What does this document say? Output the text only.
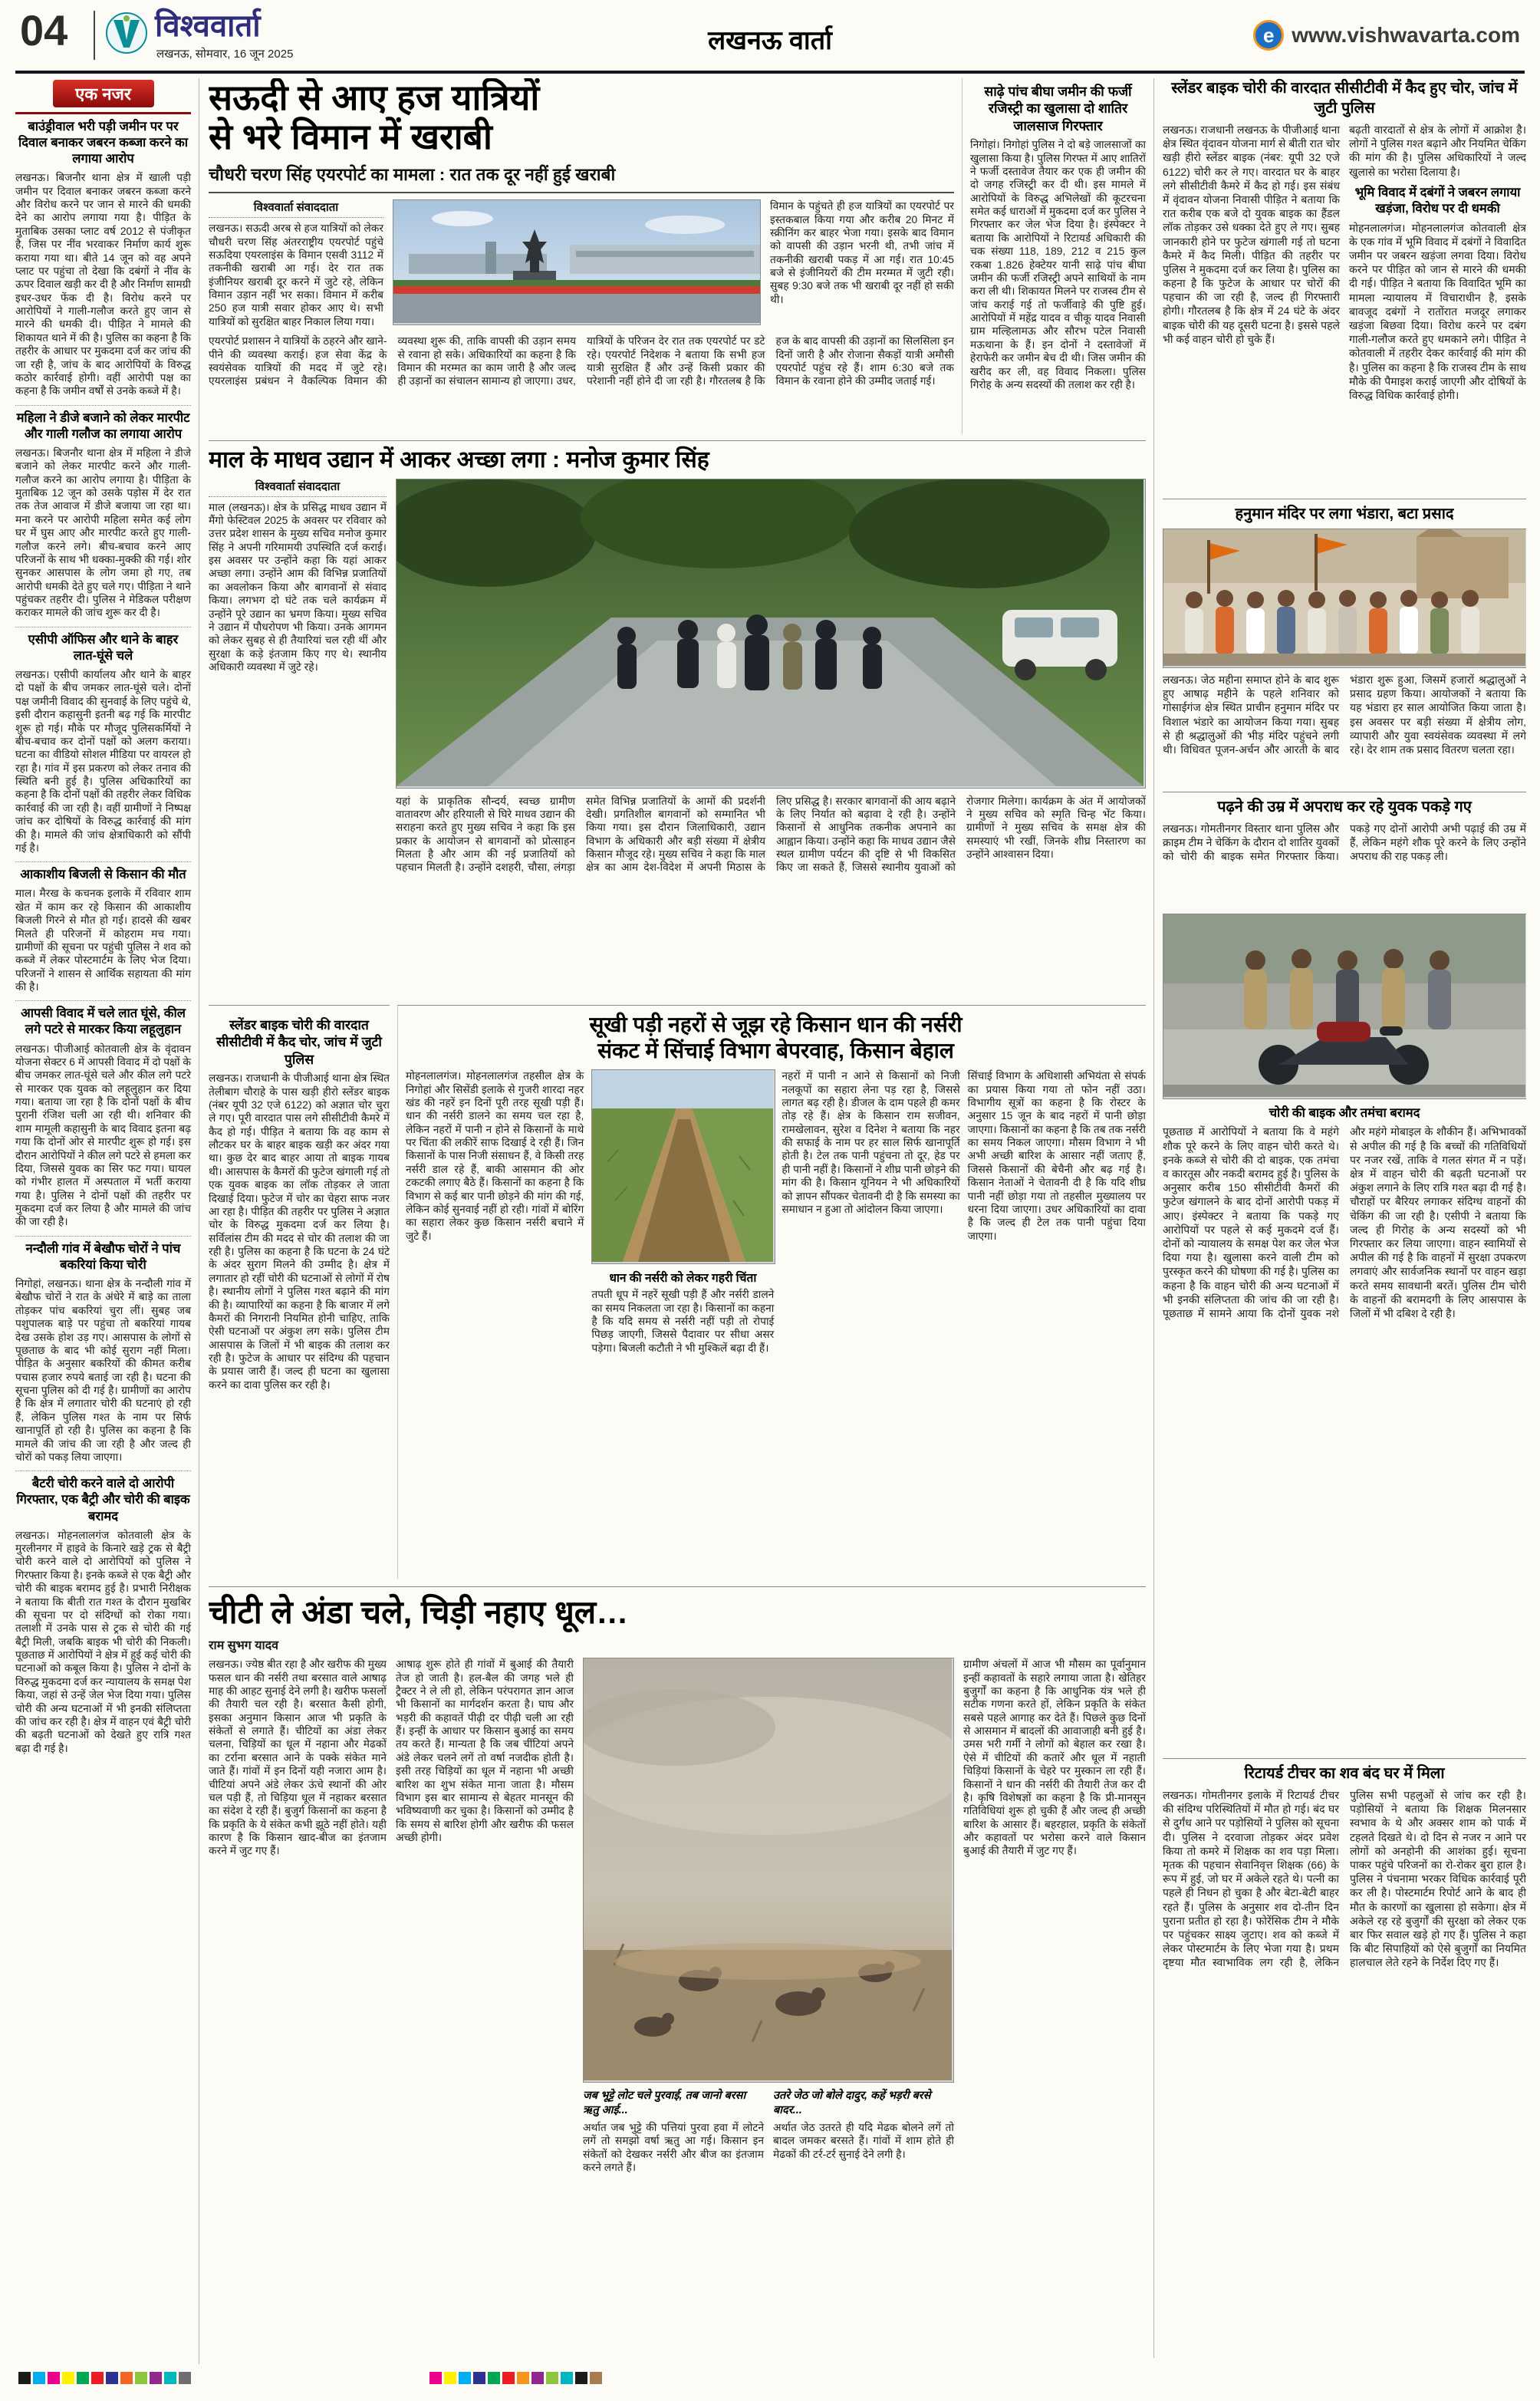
04	विश्ववार्ता
लखनऊ, सोमवार, 16 जून 2025	लखनऊ वार्ता	e www.vishwavarta.com
एक नजर
बाउंड्रीवाल भरी पड़ी जमीन पर पर दिवाल बनाकर जबरन कब्जा करने का लगाया आरोप

लखनऊ। बिजनौर थाना क्षेत्र में खाली पड़ी जमीन पर दिवाल बनाकर जबरन कब्जा करने और विरोध करने पर जान से मारने की धमकी देने का आरोप लगाया गया है। पीड़ित के मुताबिक उसका प्लाट वर्ष 2012 से पंजीकृत है, जिस पर नींव भरवाकर निर्माण कार्य शुरू कराया गया था। बीते 14 जून को वह अपने प्लाट पर पहुंचा तो देखा कि दबंगों ने नींव के ऊपर दिवाल खड़ी कर दी है और निर्माण सामग्री इधर-उधर फेंक दी है। विरोध करने पर आरोपियों ने गाली-गलौज करते हुए जान से मारने की धमकी दी। पीड़ित ने मामले की शिकायत थाने में की है। पुलिस का कहना है कि तहरीर के आधार पर मुकदमा दर्ज कर जांच की जा रही है, जांच के बाद आरोपियों के विरुद्ध कठोर कार्रवाई होगी। वहीं आरोपी पक्ष का कहना है कि जमीन वर्षों से उनके कब्जे में है।

महिला ने डीजे बजाने को लेकर मारपीट और गाली गलौज का लगाया आरोप

लखनऊ। बिजनौर थाना क्षेत्र में महिला ने डीजे बजाने को लेकर मारपीट करने और गाली-गलौज करने का आरोप लगाया है। पीड़िता के मुताबिक 12 जून को उसके पड़ोस में देर रात तक तेज आवाज में डीजे बजाया जा रहा था। मना करने पर आरोपी महिला समेत कई लोग घर में घुस आए और मारपीट करते हुए गाली-गलौज करने लगे। बीच-बचाव करने आए परिजनों के साथ भी धक्का-मुक्की की गई। शोर सुनकर आसपास के लोग जमा हो गए, तब आरोपी धमकी देते हुए चले गए। पीड़िता ने थाने पहुंचकर तहरीर दी। पुलिस ने मेडिकल परीक्षण कराकर मामले की जांच शुरू कर दी है।

एसीपी ऑफिस और थाने के बाहर लात-घूंसे चले

लखनऊ। एसीपी कार्यालय और थाने के बाहर दो पक्षों के बीच जमकर लात-घूंसे चले। दोनों पक्ष जमीनी विवाद की सुनवाई के लिए पहुंचे थे, इसी दौरान कहासुनी इतनी बढ़ गई कि मारपीट शुरू हो गई। मौके पर मौजूद पुलिसकर्मियों ने बीच-बचाव कर दोनों पक्षों को अलग कराया। घटना का वीडियो सोशल मीडिया पर वायरल हो रहा है। गांव में इस प्रकरण को लेकर तनाव की स्थिति बनी हुई है। पुलिस अधिकारियों का कहना है कि दोनों पक्षों की तहरीर लेकर विधिक कार्रवाई की जा रही है। वहीं ग्रामीणों ने निष्पक्ष जांच कर दोषियों के विरुद्ध कार्रवाई की मांग की है। मामले की जांच क्षेत्राधिकारी को सौंपी गई है।

आकाशीय बिजली से किसान की मौत

माल। मैरख के कचनक इलाके में रविवार शाम खेत में काम कर रहे किसान की आकाशीय बिजली गिरने से मौत हो गई। हादसे की खबर मिलते ही परिजनों में कोहराम मच गया। ग्रामीणों की सूचना पर पहुंची पुलिस ने शव को कब्जे में लेकर पोस्टमार्टम के लिए भेज दिया। परिजनों ने शासन से आर्थिक सहायता की मांग की है।

आपसी विवाद में चले लात घूंसे, कील लगे पटरे से मारकर किया लहूलुहान

लखनऊ। पीजीआई कोतवाली क्षेत्र के वृंदावन योजना सेक्टर 6 में आपसी विवाद में दो पक्षों के बीच जमकर लात-घूंसे चले और कील लगे पटरे से मारकर एक युवक को लहूलुहान कर दिया गया। बताया जा रहा है कि दोनों पक्षों के बीच पुरानी रंजिश चली आ रही थी। शनिवार की शाम मामूली कहासुनी के बाद विवाद इतना बढ़ गया कि दोनों ओर से मारपीट शुरू हो गई। इस दौरान आरोपियों ने कील लगे पटरे से हमला कर दिया, जिससे युवक का सिर फट गया। घायल को गंभीर हालत में अस्पताल में भर्ती कराया गया है। पुलिस ने दोनों पक्षों की तहरीर पर मुकदमा दर्ज कर लिया है और मामले की जांच की जा रही है।

नन्दौली गांव में बेखौफ चोरों ने पांच बकरियां किया चोरी

निगोहां, लखनऊ। थाना क्षेत्र के नन्दौली गांव में बेखौफ चोरों ने रात के अंधेरे में बाड़े का ताला तोड़कर पांच बकरियां चुरा लीं। सुबह जब पशुपालक बाड़े पर पहुंचा तो बकरियां गायब देख उसके होश उड़ गए। आसपास के लोगों से पूछताछ के बाद भी कोई सुराग नहीं मिला। पीड़ित के अनुसार बकरियों की कीमत करीब पचास हजार रुपये बताई जा रही है। घटना की सूचना पुलिस को दी गई है। ग्रामीणों का आरोप है कि क्षेत्र में लगातार चोरी की घटनाएं हो रही हैं, लेकिन पुलिस गश्त के नाम पर सिर्फ खानापूर्ति हो रही है। पुलिस का कहना है कि मामले की जांच की जा रही है और जल्द ही चोरों को पकड़ लिया जाएगा।

बैटरी चोरी करने वाले दो आरोपी गिरफ्तार, एक बैट्री और चोरी की बाइक बरामद

लखनऊ। मोहनलालगंज कोतवाली क्षेत्र के मुरलीनगर में हाइवे के किनारे खड़े ट्रक से बैट्री चोरी करने वाले दो आरोपियों को पुलिस ने गिरफ्तार किया है। इनके कब्जे से एक बैट्री और चोरी की बाइक बरामद हुई है। प्रभारी निरीक्षक ने बताया कि बीती रात गश्त के दौरान मुखबिर की सूचना पर दो संदिग्धों को रोका गया। तलाशी में उनके पास से ट्रक से चोरी की गई बैट्री मिली, जबकि बाइक भी चोरी की निकली। पूछताछ में आरोपियों ने क्षेत्र में हुई कई चोरी की घटनाओं को कबूल किया है। पुलिस ने दोनों के विरुद्ध मुकदमा दर्ज कर न्यायालय के समक्ष पेश किया, जहां से उन्हें जेल भेज दिया गया। पुलिस चोरी की अन्य घटनाओं में भी इनकी संलिप्तता की जांच कर रही है। क्षेत्र में वाहन एवं बैट्री चोरी की बढ़ती घटनाओं को देखते हुए रात्रि गश्त बढ़ा दी गई है।

सऊदी से आए हज यात्रियों
से भरे विमान में खराबी
चौधरी चरण सिंह एयरपोर्ट का मामला : रात तक दूर नहीं हुई खराबी
विश्ववार्ता संवाददाता

लखनऊ। सऊदी अरब से हज यात्रियों को लेकर चौधरी चरण सिंह अंतरराष्ट्रीय एयरपोर्ट पहुंचे सऊदिया एयरलाइंस के विमान एसवी 3112 में तकनीकी खराबी आ गई। देर रात तक इंजीनियर खराबी दूर करने में जुटे रहे, लेकिन विमान उड़ान नहीं भर सका। विमान में करीब 250 हज यात्री सवार होकर आए थे। सभी यात्रियों को सुरक्षित बाहर निकाल लिया गया।

विमान के पहुंचते ही हज यात्रियों का एयरपोर्ट पर इस्तकबाल किया गया और करीब 20 मिनट में स्क्रीनिंग कर बाहर भेजा गया। इसके बाद विमान को वापसी की उड़ान भरनी थी, तभी जांच में तकनीकी खराबी पकड़ में आ गई। रात 10:45 बजे से इंजीनियरों की टीम मरम्मत में जुटी रही। सुबह 9:30 बजे तक भी खराबी दूर नहीं हो सकी थी।

एयरपोर्ट प्रशासन ने यात्रियों के ठहरने और खाने-पीने की व्यवस्था कराई। हज सेवा केंद्र के स्वयंसेवक यात्रियों की मदद में जुटे रहे। एयरलाइंस प्रबंधन ने वैकल्पिक विमान की व्यवस्था शुरू की, ताकि वापसी की उड़ान समय से रवाना हो सके। अधिकारियों का कहना है कि विमान की मरम्मत का काम जारी है और जल्द ही उड़ानों का संचालन सामान्य हो जाएगा। उधर, यात्रियों के परिजन देर रात तक एयरपोर्ट पर डटे रहे। एयरपोर्ट निदेशक ने बताया कि सभी हज यात्री सुरक्षित हैं और उन्हें किसी प्रकार की परेशानी नहीं होने दी जा रही है। गौरतलब है कि हज के बाद वापसी की उड़ानों का सिलसिला इन दिनों जारी है और रोजाना सैकड़ों यात्री अमौसी एयरपोर्ट पहुंच रहे हैं। शाम 6:30 बजे तक विमान के रवाना होने की उम्मीद जताई गई।

साढ़े पांच बीघा जमीन की फर्जी रजिस्ट्री का खुलासा दो शातिर जालसाज गिरफ्तार

निगोहां। निगोहां पुलिस ने दो बड़े जालसाजों का खुलासा किया है। पुलिस गिरफ्त में आए शातिरों ने फर्जी दस्तावेज तैयार कर एक ही जमीन की दो जगह रजिस्ट्री कर दी थी। इस मामले में आरोपियों के विरुद्ध अभिलेखों की कूटरचना समेत कई धाराओं में मुकदमा दर्ज कर पुलिस ने गिरफ्तार कर जेल भेज दिया है। इंस्पेक्टर ने बताया कि आरोपियों ने रिटायर्ड अधिकारी की चक संख्या 118, 189, 212 व 215 कुल रकबा 1.826 हेक्टेयर यानी साढ़े पांच बीघा जमीन की फर्जी रजिस्ट्री अपने साथियों के नाम करा ली थी। शिकायत मिलने पर राजस्व टीम से जांच कराई गई तो फर्जीवाड़े की पुष्टि हुई। आरोपियों में महेंद्र यादव व चीकू यादव निवासी ग्राम मल्हिलामऊ और सौरभ पटेल निवासी मऊथाना के हैं। इन दोनों ने दस्तावेजों में हेराफेरी कर जमीन बेच दी थी। जिस जमीन की खरीद कर ली, वह विवाद निकला। पुलिस गिरोह के अन्य सदस्यों की तलाश कर रही है।

माल के माधव उद्यान में आकर अच्छा लगा : मनोज कुमार सिंह
विश्ववार्ता संवाददाता

माल (लखनऊ)। क्षेत्र के प्रसिद्ध माधव उद्यान में मैंगो फेस्टिवल 2025 के अवसर पर रविवार को उत्तर प्रदेश शासन के मुख्य सचिव मनोज कुमार सिंह ने अपनी गरिमामयी उपस्थिति दर्ज कराई। इस अवसर पर उन्होंने कहा कि यहां आकर अच्छा लगा। उन्होंने आम की विभिन्न प्रजातियों का अवलोकन किया और बागवानों से संवाद किया। लगभग दो घंटे तक चले कार्यक्रम में उन्होंने पूरे उद्यान का भ्रमण किया। मुख्य सचिव ने उद्यान में पौधरोपण भी किया। उनके आगमन को लेकर सुबह से ही तैयारियां चल रही थीं और सुरक्षा के कड़े इंतजाम किए गए थे। स्थानीय अधिकारी व्यवस्था में जुटे रहे।

यहां के प्राकृतिक सौन्दर्य, स्वच्छ ग्रामीण वातावरण और हरियाली से घिरे माधव उद्यान की सराहना करते हुए मुख्य सचिव ने कहा कि इस प्रकार के आयोजन से बागवानों को प्रोत्साहन मिलता है और आम की नई प्रजातियों को पहचान मिलती है। उन्होंने दशहरी, चौसा, लंगड़ा समेत विभिन्न प्रजातियों के आमों की प्रदर्शनी देखी। प्रगतिशील बागवानों को सम्मानित भी किया गया। इस दौरान जिलाधिकारी, उद्यान विभाग के अधिकारी और बड़ी संख्या में क्षेत्रीय किसान मौजूद रहे। मुख्य सचिव ने कहा कि माल क्षेत्र का आम देश-विदेश में अपनी मिठास के लिए प्रसिद्ध है। सरकार बागवानों की आय बढ़ाने के लिए निर्यात को बढ़ावा दे रही है। उन्होंने किसानों से आधुनिक तकनीक अपनाने का आह्वान किया। उन्होंने कहा कि माधव उद्यान जैसे स्थल ग्रामीण पर्यटन की दृष्टि से भी विकसित किए जा सकते हैं, जिससे स्थानीय युवाओं को रोजगार मिलेगा। कार्यक्रम के अंत में आयोजकों ने मुख्य सचिव को स्मृति चिन्ह भेंट किया। ग्रामीणों ने मुख्य सचिव के समक्ष क्षेत्र की समस्याएं भी रखीं, जिनके शीघ्र निस्तारण का उन्होंने आश्वासन दिया।

स्लेंडर बाइक चोरी की वारदात सीसीटीवी में कैद चोर, जांच में जुटी पुलिस

लखनऊ। राजधानी के पीजीआई थाना क्षेत्र स्थित तेलीबाग चौराहे के पास खड़ी हीरो स्लेंडर बाइक (नंबर यूपी 32 एजे 6122) को अज्ञात चोर चुरा ले गए। पूरी वारदात पास लगे सीसीटीवी कैमरे में कैद हो गई। पीड़ित ने बताया कि वह काम से लौटकर घर के बाहर बाइक खड़ी कर अंदर गया था। कुछ देर बाद बाहर आया तो बाइक गायब थी। आसपास के कैमरों की फुटेज खंगाली गई तो एक युवक बाइक का लॉक तोड़कर ले जाता दिखाई दिया। फुटेज में चोर का चेहरा साफ नजर आ रहा है। पीड़ित की तहरीर पर पुलिस ने अज्ञात चोर के विरुद्ध मुकदमा दर्ज कर लिया है। सर्विलांस टीम की मदद से चोर की तलाश की जा रही है। पुलिस का कहना है कि घटना के 24 घंटे के अंदर सुराग मिलने की उम्मीद है। क्षेत्र में लगातार हो रहीं चोरी की घटनाओं से लोगों में रोष है। स्थानीय लोगों ने पुलिस गश्त बढ़ाने की मांग की है। व्यापारियों का कहना है कि बाजार में लगे कैमरों की निगरानी नियमित होनी चाहिए, ताकि ऐसी घटनाओं पर अंकुश लग सके। पुलिस टीम आसपास के जिलों में भी बाइक की तलाश कर रही है। फुटेज के आधार पर संदिग्ध की पहचान के प्रयास जारी हैं। जल्द ही घटना का खुलासा करने का दावा पुलिस कर रही है।

सूखी पड़ी नहरों से जूझ रहे किसान धान की नर्सरी
संकट में सिंचाई विभाग बेपरवाह, किसान बेहाल

मोहनलालगंज। मोहनलालगंज तहसील क्षेत्र के निगोहां और सिसेंडी इलाके से गुजरी शारदा नहर खंड की नहरें इन दिनों पूरी तरह सूखी पड़ी हैं। धान की नर्सरी डालने का समय चल रहा है, लेकिन नहरों में पानी न होने से किसानों के माथे पर चिंता की लकीरें साफ दिखाई दे रही हैं। जिन किसानों के पास निजी संसाधन हैं, वे किसी तरह नर्सरी डाल रहे हैं, बाकी आसमान की ओर टकटकी लगाए बैठे हैं। किसानों का कहना है कि विभाग से कई बार पानी छोड़ने की मांग की गई, लेकिन कोई सुनवाई नहीं हो रही। गांवों में बोरिंग का सहारा लेकर कुछ किसान नर्सरी बचाने में जुटे हैं।

धान की नर्सरी को लेकर गहरी चिंता

तपती धूप में नहरें सूखी पड़ी हैं और नर्सरी डालने का समय निकलता जा रहा है। किसानों का कहना है कि यदि समय से नर्सरी नहीं पड़ी तो रोपाई पिछड़ जाएगी, जिससे पैदावार पर सीधा असर पड़ेगा। बिजली कटौती ने भी मुश्किलें बढ़ा दी हैं।

नहरों में पानी न आने से किसानों को निजी नलकूपों का सहारा लेना पड़ रहा है, जिससे लागत बढ़ रही है। डीजल के दाम पहले ही कमर तोड़ रहे हैं। क्षेत्र के किसान राम सजीवन, रामखेलावन, सुरेश व दिनेश ने बताया कि नहर की सफाई के नाम पर हर साल सिर्फ खानापूर्ति होती है। टेल तक पानी पहुंचना तो दूर, हेड पर ही पानी नहीं है। किसानों ने शीघ्र पानी छोड़ने की मांग की है। किसान यूनियन ने भी अधिकारियों को ज्ञापन सौंपकर चेतावनी दी है कि समस्या का समाधान न हुआ तो आंदोलन किया जाएगा।

सिंचाई विभाग के अधिशासी अभियंता से संपर्क का प्रयास किया गया तो फोन नहीं उठा। विभागीय सूत्रों का कहना है कि रोस्टर के अनुसार 15 जून के बाद नहरों में पानी छोड़ा जाएगा। किसानों का कहना है कि तब तक नर्सरी का समय निकल जाएगा। मौसम विभाग ने भी अभी अच्छी बारिश के आसार नहीं जताए हैं, जिससे किसानों की बेचैनी और बढ़ गई है। किसान नेताओं ने चेतावनी दी है कि यदि शीघ्र पानी नहीं छोड़ा गया तो तहसील मुख्यालय पर धरना दिया जाएगा। उधर अधिकारियों का दावा है कि जल्द ही टेल तक पानी पहुंचा दिया जाएगा।

चीटी ले अंडा चले, चिड़ी नहाए धूल…
राम सुभग यादव

लखनऊ। ज्येष्ठ बीत रहा है और खरीफ की मुख्य फसल धान की नर्सरी तथा बरसात वाले आषाढ़ माह की आहट सुनाई देने लगी है। खरीफ फसलों की तैयारी चल रही है। बरसात कैसी होगी, इसका अनुमान किसान आज भी प्रकृति के संकेतों से लगाते हैं। चीटियों का अंडा लेकर चलना, चिड़ियों का धूल में नहाना और मेढकों का टर्राना बरसात आने के पक्के संकेत माने जाते हैं। गांवों में इन दिनों यही नजारा आम है। चीटियां अपने अंडे लेकर ऊंचे स्थानों की ओर चल पड़ी हैं, तो चिड़िया धूल में नहाकर बरसात का संदेश दे रही हैं। बुजुर्ग किसानों का कहना है कि प्रकृति के ये संकेत कभी झूठे नहीं होते। यही कारण है कि किसान खाद-बीज का इंतजाम करने में जुट गए हैं।

आषाढ़ शुरू होते ही गांवों में बुआई की तैयारी तेज हो जाती है। हल-बैल की जगह भले ही ट्रैक्टर ने ले ली हो, लेकिन परंपरागत ज्ञान आज भी किसानों का मार्गदर्शन करता है। घाघ और भड़री की कहावतें पीढ़ी दर पीढ़ी चली आ रही हैं। इन्हीं के आधार पर किसान बुआई का समय तय करते हैं। मान्यता है कि जब चींटियां अपने अंडे लेकर चलने लगें तो वर्षा नजदीक होती है। इसी तरह चिड़ियों का धूल में नहाना भी अच्छी बारिश का शुभ संकेत माना जाता है। मौसम विभाग इस बार सामान्य से बेहतर मानसून की भविष्यवाणी कर चुका है। किसानों को उम्मीद है कि समय से बारिश होगी और खरीफ की फसल अच्छी होगी।

जब भूट्टे लोट चले पुरवाई, तब जानो बरसा ऋतु आई...

अर्थात जब भुट्टे की पत्तियां पुरवा हवा में लोटने लगें तो समझो वर्षा ऋतु आ गई। किसान इन संकेतों को देखकर नर्सरी और बीज का इंतजाम करने लगते हैं।

उतरे जेठ जो बोले दादुर, कहें भड़री बरसे बादर...

अर्थात जेठ उतरते ही यदि मेढक बोलने लगें तो बादल जमकर बरसते हैं। गांवों में शाम होते ही मेढकों की टर्र-टर्र सुनाई देने लगी है।

ग्रामीण अंचलों में आज भी मौसम का पूर्वानुमान इन्हीं कहावतों के सहारे लगाया जाता है। खेतिहर बुजुर्गों का कहना है कि आधुनिक यंत्र भले ही सटीक गणना करते हों, लेकिन प्रकृति के संकेत सबसे पहले आगाह कर देते हैं। पिछले कुछ दिनों से आसमान में बादलों की आवाजाही बनी हुई है। उमस भरी गर्मी ने लोगों को बेहाल कर रखा है। ऐसे में चीटियों की कतारें और धूल में नहाती चिड़ियां किसानों के चेहरे पर मुस्कान ला रही हैं। किसानों ने धान की नर्सरी की तैयारी तेज कर दी है। कृषि विशेषज्ञों का कहना है कि प्री-मानसून गतिविधियां शुरू हो चुकी हैं और जल्द ही अच्छी बारिश के आसार हैं। बहरहाल, प्रकृति के संकेतों और कहावतों पर भरोसा करने वाले किसान बुआई की तैयारी में जुट गए हैं।

स्लेंडर बाइक चोरी की वारदात सीसीटीवी में कैद हुए चोर, जांच में जुटी पुलिस

लखनऊ। राजधानी लखनऊ के पीजीआई थाना क्षेत्र स्थित वृंदावन योजना मार्ग से बीती रात चोर खड़ी हीरो स्लेंडर बाइक (नंबर: यूपी 32 एजे 6122) चोरी कर ले गए। वारदात घर के बाहर लगे सीसीटीवी कैमरे में कैद हो गई। इस संबंध में वृंदावन योजना निवासी पीड़ित ने बताया कि रात करीब एक बजे दो युवक बाइक का हैंडल लॉक तोड़कर उसे धक्का देते हुए ले गए। सुबह जानकारी होने पर फुटेज खंगाली गई तो घटना कैमरे में कैद मिली। पीड़ित की तहरीर पर पुलिस ने मुकदमा दर्ज कर लिया है। पुलिस का कहना है कि फुटेज के आधार पर चोरों की पहचान की जा रही है, जल्द ही गिरफ्तारी होगी। गौरतलब है कि क्षेत्र में 24 घंटे के अंदर बाइक चोरी की यह दूसरी घटना है। इससे पहले भी कई वाहन चोरी हो चुके हैं।

बढ़ती वारदातों से क्षेत्र के लोगों में आक्रोश है। लोगों ने पुलिस गश्त बढ़ाने और नियमित चेकिंग की मांग की है। पुलिस अधिकारियों ने जल्द खुलासे का भरोसा दिलाया है।

भूमि विवाद में दबंगों ने जबरन लगाया खड़ंजा, विरोध पर दी धमकी

मोहनलालगंज। मोहनलालगंज कोतवाली क्षेत्र के एक गांव में भूमि विवाद में दबंगों ने विवादित जमीन पर जबरन खड़ंजा लगवा दिया। विरोध करने पर पीड़ित को जान से मारने की धमकी दी गई। पीड़ित ने बताया कि विवादित भूमि का मामला न्यायालय में विचाराधीन है, इसके बावजूद दबंगों ने रातोंरात मजदूर लगाकर खड़ंजा बिछवा दिया। विरोध करने पर दबंग गाली-गलौज करते हुए धमकाने लगे। पीड़ित ने कोतवाली में तहरीर देकर कार्रवाई की मांग की है। पुलिस का कहना है कि राजस्व टीम के साथ मौके की पैमाइश कराई जाएगी और दोषियों के विरुद्ध विधिक कार्रवाई होगी।

हनुमान मंदिर पर लगा भंडारा, बटा प्रसाद

लखनऊ। जेठ महीना समाप्त होने के बाद शुरू हुए आषाढ़ महीने के पहले शनिवार को गोसाईगंज क्षेत्र स्थित प्राचीन हनुमान मंदिर पर विशाल भंडारे का आयोजन किया गया। सुबह से ही श्रद्धालुओं की भीड़ मंदिर पहुंचने लगी थी। विधिवत पूजन-अर्चन और आरती के बाद भंडारा शुरू हुआ, जिसमें हजारों श्रद्धालुओं ने प्रसाद ग्रहण किया। आयोजकों ने बताया कि यह भंडारा हर साल आयोजित किया जाता है। इस अवसर पर बड़ी संख्या में क्षेत्रीय लोग, व्यापारी और युवा स्वयंसेवक व्यवस्था में लगे रहे। देर शाम तक प्रसाद वितरण चलता रहा।

पढ़ने की उम्र में अपराध कर रहे युवक पकड़े गए

लखनऊ। गोमतीनगर विस्तार थाना पुलिस और क्राइम टीम ने चेकिंग के दौरान दो शातिर युवकों को चोरी की बाइक समेत गिरफ्तार किया। पकड़े गए दोनों आरोपी अभी पढ़ाई की उम्र में हैं, लेकिन महंगे शौक पूरे करने के लिए उन्होंने अपराध की राह पकड़ ली।

चोरी की बाइक और तमंचा बरामद

पूछताछ में आरोपियों ने बताया कि वे महंगे शौक पूरे करने के लिए वाहन चोरी करते थे। इनके कब्जे से चोरी की दो बाइक, एक तमंचा व कारतूस और नकदी बरामद हुई है। पुलिस के अनुसार करीब 150 सीसीटीवी कैमरों की फुटेज खंगालने के बाद दोनों आरोपी पकड़ में आए। इंस्पेक्टर ने बताया कि पकड़े गए आरोपियों पर पहले से कई मुकदमे दर्ज हैं। दोनों को न्यायालय के समक्ष पेश कर जेल भेज दिया गया है। खुलासा करने वाली टीम को पुरस्कृत करने की घोषणा की गई है। पुलिस का कहना है कि वाहन चोरी की अन्य घटनाओं में भी इनकी संलिप्तता की जांच की जा रही है। पूछताछ में सामने आया कि दोनों युवक नशे और महंगे मोबाइल के शौकीन हैं। अभिभावकों से अपील की गई है कि बच्चों की गतिविधियों पर नजर रखें, ताकि वे गलत संगत में न पड़ें। क्षेत्र में वाहन चोरी की बढ़ती घटनाओं पर अंकुश लगाने के लिए रात्रि गश्त बढ़ा दी गई है। चौराहों पर बैरियर लगाकर संदिग्ध वाहनों की चेकिंग की जा रही है। एसीपी ने बताया कि जल्द ही गिरोह के अन्य सदस्यों को भी गिरफ्तार कर लिया जाएगा। वाहन स्वामियों से अपील की गई है कि वाहनों में सुरक्षा उपकरण लगवाएं और सार्वजनिक स्थानों पर वाहन खड़ा करते समय सावधानी बरतें। पुलिस टीम चोरी के वाहनों की बरामदगी के लिए आसपास के जिलों में भी दबिश दे रही है।

रिटायर्ड टीचर का शव बंद घर में मिला

लखनऊ। गोमतीनगर इलाके में रिटायर्ड टीचर की संदिग्ध परिस्थितियों में मौत हो गई। बंद घर से दुर्गंध आने पर पड़ोसियों ने पुलिस को सूचना दी। पुलिस ने दरवाजा तोड़कर अंदर प्रवेश किया तो कमरे में शिक्षक का शव पड़ा मिला। मृतक की पहचान सेवानिवृत्त शिक्षक (66) के रूप में हुई, जो घर में अकेले रहते थे। पत्नी का पहले ही निधन हो चुका है और बेटा-बेटी बाहर रहते हैं। पुलिस के अनुसार शव दो-तीन दिन पुराना प्रतीत हो रहा है। फोरेंसिक टीम ने मौके पर पहुंचकर साक्ष्य जुटाए। शव को कब्जे में लेकर पोस्टमार्टम के लिए भेजा गया है। प्रथम दृष्टया मौत स्वाभाविक लग रही है, लेकिन पुलिस सभी पहलुओं से जांच कर रही है। पड़ोसियों ने बताया कि शिक्षक मिलनसार स्वभाव के थे और अक्सर शाम को पार्क में टहलते दिखते थे। दो दिन से नजर न आने पर लोगों को अनहोनी की आशंका हुई। सूचना पाकर पहुंचे परिजनों का रो-रोकर बुरा हाल है। पुलिस ने पंचनामा भरकर विधिक कार्रवाई पूरी कर ली है। पोस्टमार्टम रिपोर्ट आने के बाद ही मौत के कारणों का खुलासा हो सकेगा। क्षेत्र में अकेले रह रहे बुजुर्गों की सुरक्षा को लेकर एक बार फिर सवाल खड़े हो गए हैं। पुलिस ने कहा कि बीट सिपाहियों को ऐसे बुजुर्गों का नियमित हालचाल लेते रहने के निर्देश दिए गए हैं।
